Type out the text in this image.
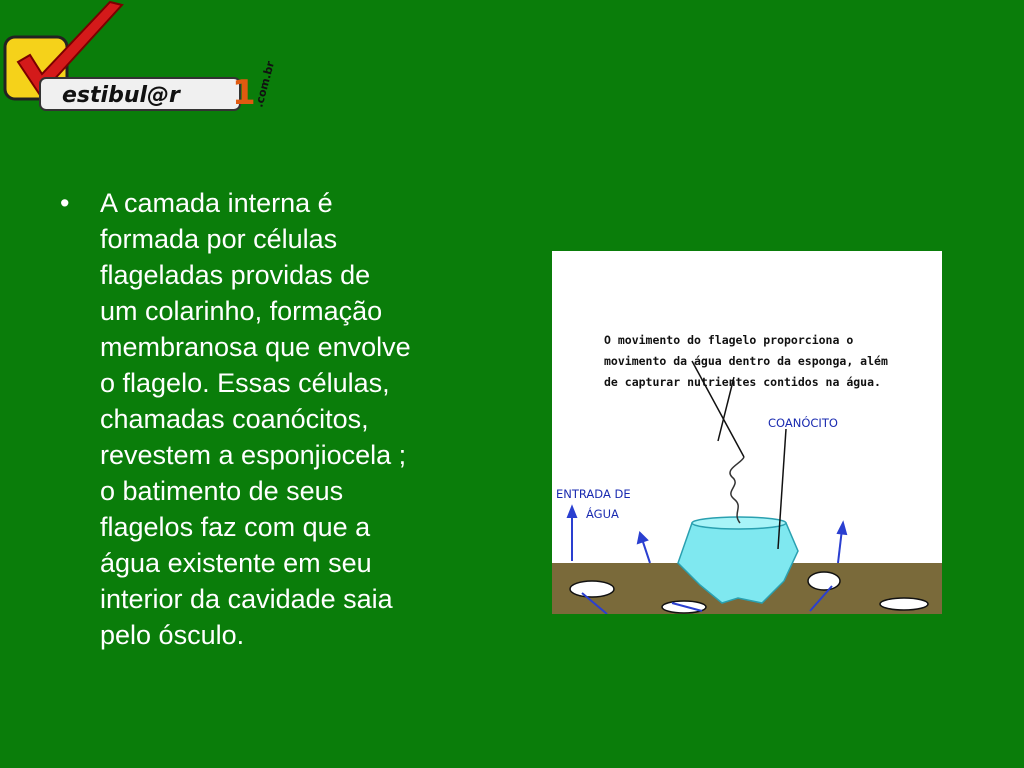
estibul@r 1
.com.br
•	A camada interna é
formada por células
flageladas providas de
um colarinho, formação
membranosa que envolve
o flagelo. Essas células,
chamadas coanócitos,
revestem a esponjiocela ;
o batimento de seus
flagelos faz com que a
água existente em seu
interior da cavidade saia
pelo ósculo.
O movimento do flagelo proporciona o
movimento da água dentro da esponga, além
de capturar nutrientes contidos na água.
COANÓCITO
ENTRADA DE
ÁGUA
